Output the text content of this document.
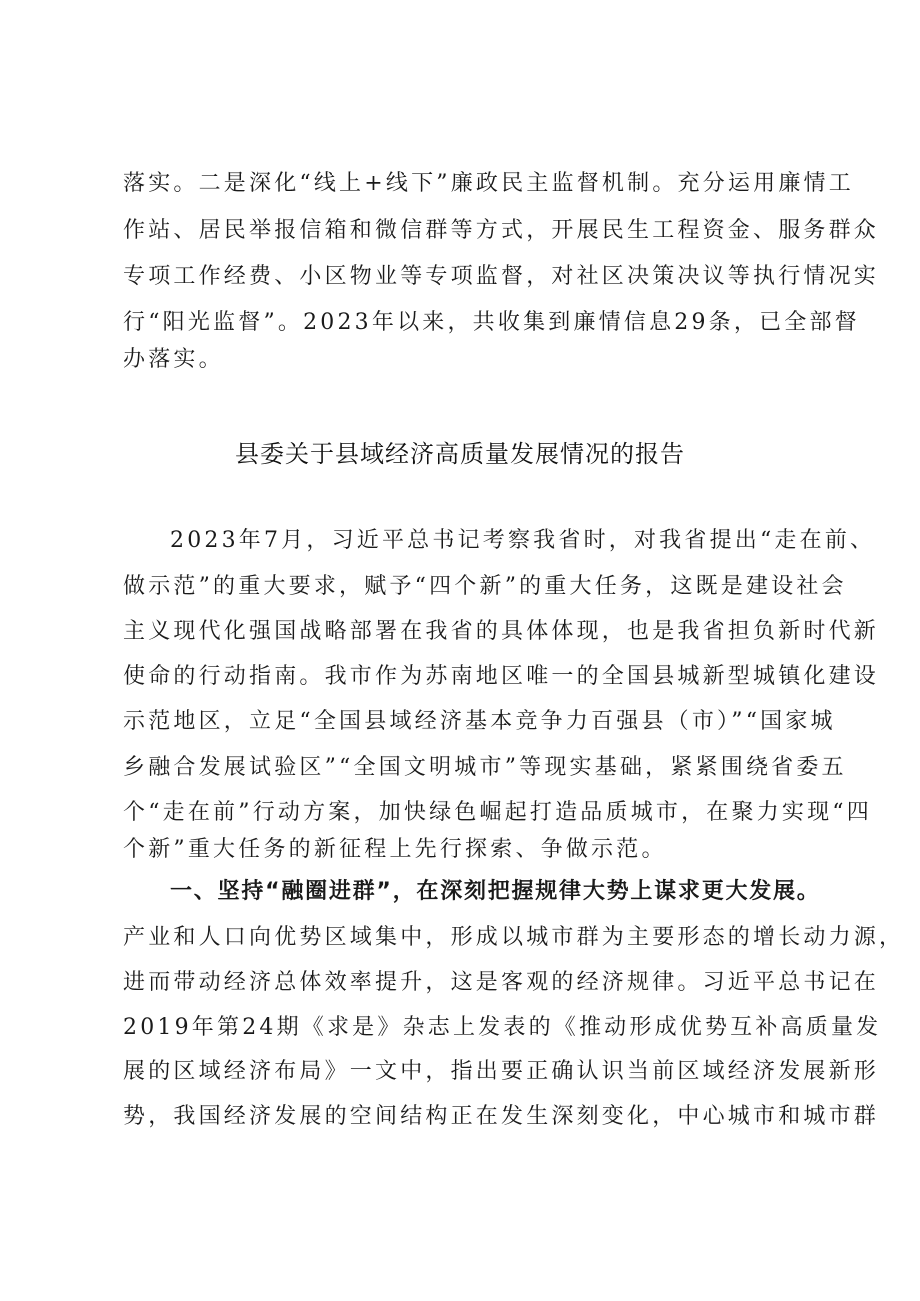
落实。二是深化“线上+线下”廉政民主监督机制。充分运用廉情工
作站、居民举报信箱和微信群等方式，开展民生工程资金、服务群众
专项工作经费、小区物业等专项监督，对社区决策决议等执行情况实
行“阳光监督”。2023年以来，共收集到廉情信息29条，已全部督
办落实。
县委关于县域经济高质量发展情况的报告
2023年7月，习近平总书记考察我省时，对我省提出“走在前、
做示范”的重大要求，赋予“四个新”的重大任务，这既是建设社会
主义现代化强国战略部署在我省的具体体现，也是我省担负新时代新
使命的行动指南。我市作为苏南地区唯一的全国县城新型城镇化建设
示范地区，立足“全国县域经济基本竞争力百强县（市）”“国家城
乡融合发展试验区”“全国文明城市”等现实基础，紧紧围绕省委五
个“走在前”行动方案，加快绿色崛起打造品质城市，在聚力实现“四
个新”重大任务的新征程上先行探索、争做示范。
一、坚持“融圈进群”，在深刻把握规律大势上谋求更大发展。
产业和人口向优势区域集中，形成以城市群为主要形态的增长动力源，
进而带动经济总体效率提升，这是客观的经济规律。习近平总书记在
2019年第24期《求是》杂志上发表的《推动形成优势互补高质量发
展的区域经济布局》一文中，指出要正确认识当前区域经济发展新形
势，我国经济发展的空间结构正在发生深刻变化，中心城市和城市群
